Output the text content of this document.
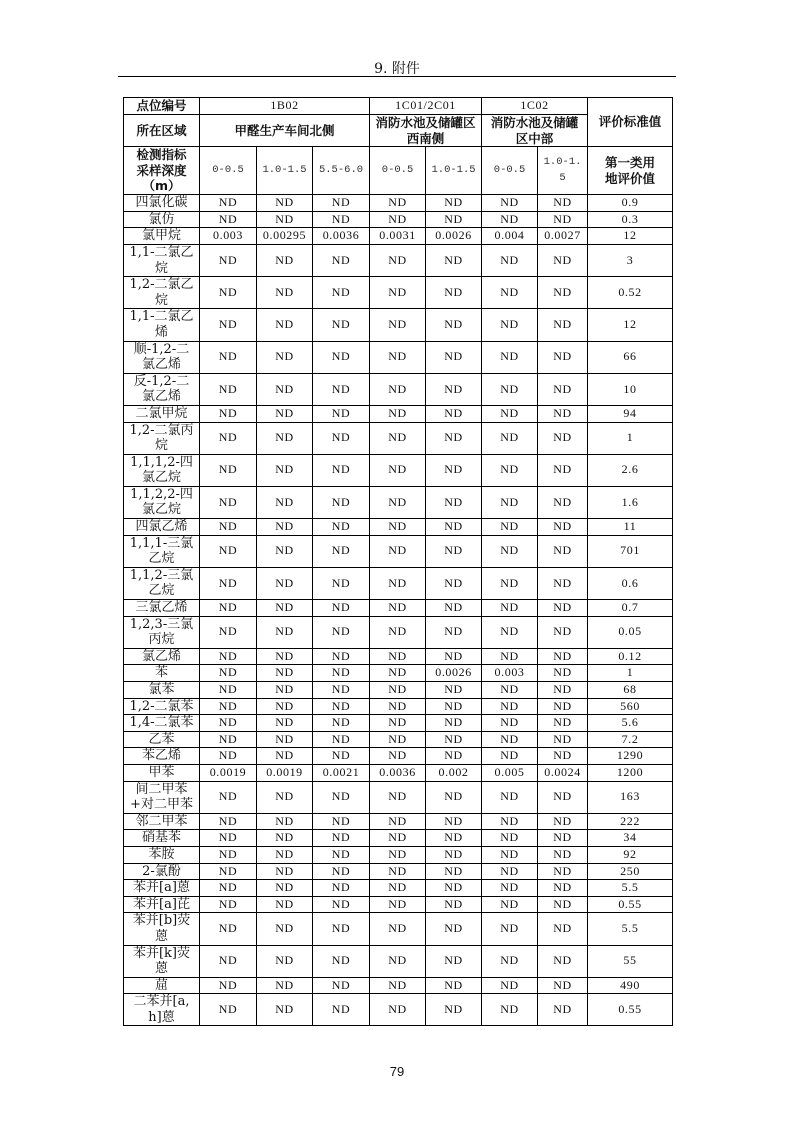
9. 附件
点位编号	1B02			1C01/2C01		1C02		评价标准值
所在区域	甲醛生产车间北侧			消防水池及储罐区西南侧		消防水池及储罐区中部		
检测指标采样深度（m）	0-0.5	1.0-1.5	5.5-6.0	0-0.5	1.0-1.5	0-0.5	1.0-1.5	第一类用地评价值
四氯化碳	ND	ND	ND	ND	ND	ND	ND	0.9
氯仿	ND	ND	ND	ND	ND	ND	ND	0.3
氯甲烷	0.003	0.00295	0.0036	0.0031	0.0026	0.004	0.0027	12
1,1-二氯乙烷	ND	ND	ND	ND	ND	ND	ND	3
1,2-二氯乙烷	ND	ND	ND	ND	ND	ND	ND	0.52
1,1-二氯乙烯	ND	ND	ND	ND	ND	ND	ND	12
顺-1,2-二氯乙烯	ND	ND	ND	ND	ND	ND	ND	66
反-1,2-二氯乙烯	ND	ND	ND	ND	ND	ND	ND	10
二氯甲烷	ND	ND	ND	ND	ND	ND	ND	94
1,2-二氯丙烷	ND	ND	ND	ND	ND	ND	ND	1
1,1,1,2-四氯乙烷	ND	ND	ND	ND	ND	ND	ND	2.6
1,1,2,2-四氯乙烷	ND	ND	ND	ND	ND	ND	ND	1.6
四氯乙烯	ND	ND	ND	ND	ND	ND	ND	11
1,1,1-三氯乙烷	ND	ND	ND	ND	ND	ND	ND	701
1,1,2-三氯乙烷	ND	ND	ND	ND	ND	ND	ND	0.6
三氯乙烯	ND	ND	ND	ND	ND	ND	ND	0.7
1,2,3-三氯丙烷	ND	ND	ND	ND	ND	ND	ND	0.05
氯乙烯	ND	ND	ND	ND	ND	ND	ND	0.12
苯	ND	ND	ND	ND	0.0026	0.003	ND	1
氯苯	ND	ND	ND	ND	ND	ND	ND	68
1,2-二氯苯	ND	ND	ND	ND	ND	ND	ND	560
1,4-二氯苯	ND	ND	ND	ND	ND	ND	ND	5.6
乙苯	ND	ND	ND	ND	ND	ND	ND	7.2
苯乙烯	ND	ND	ND	ND	ND	ND	ND	1290
甲苯	0.0019	0.0019	0.0021	0.0036	0.002	0.005	0.0024	1200
间二甲苯+对二甲苯	ND	ND	ND	ND	ND	ND	ND	163
邻二甲苯	ND	ND	ND	ND	ND	ND	ND	222
硝基苯	ND	ND	ND	ND	ND	ND	ND	34
苯胺	ND	ND	ND	ND	ND	ND	ND	92
2-氯酚	ND	ND	ND	ND	ND	ND	ND	250
苯并[a]蒽	ND	ND	ND	ND	ND	ND	ND	5.5
苯并[a]芘	ND	ND	ND	ND	ND	ND	ND	0.55
苯并[b]荧蒽	ND	ND	ND	ND	ND	ND	ND	5.5
苯并[k]荧蒽	ND	ND	ND	ND	ND	ND	ND	55
䓛	ND	ND	ND	ND	ND	ND	ND	490
二苯并[a,h]蒽	ND	ND	ND	ND	ND	ND	ND	0.55
79
